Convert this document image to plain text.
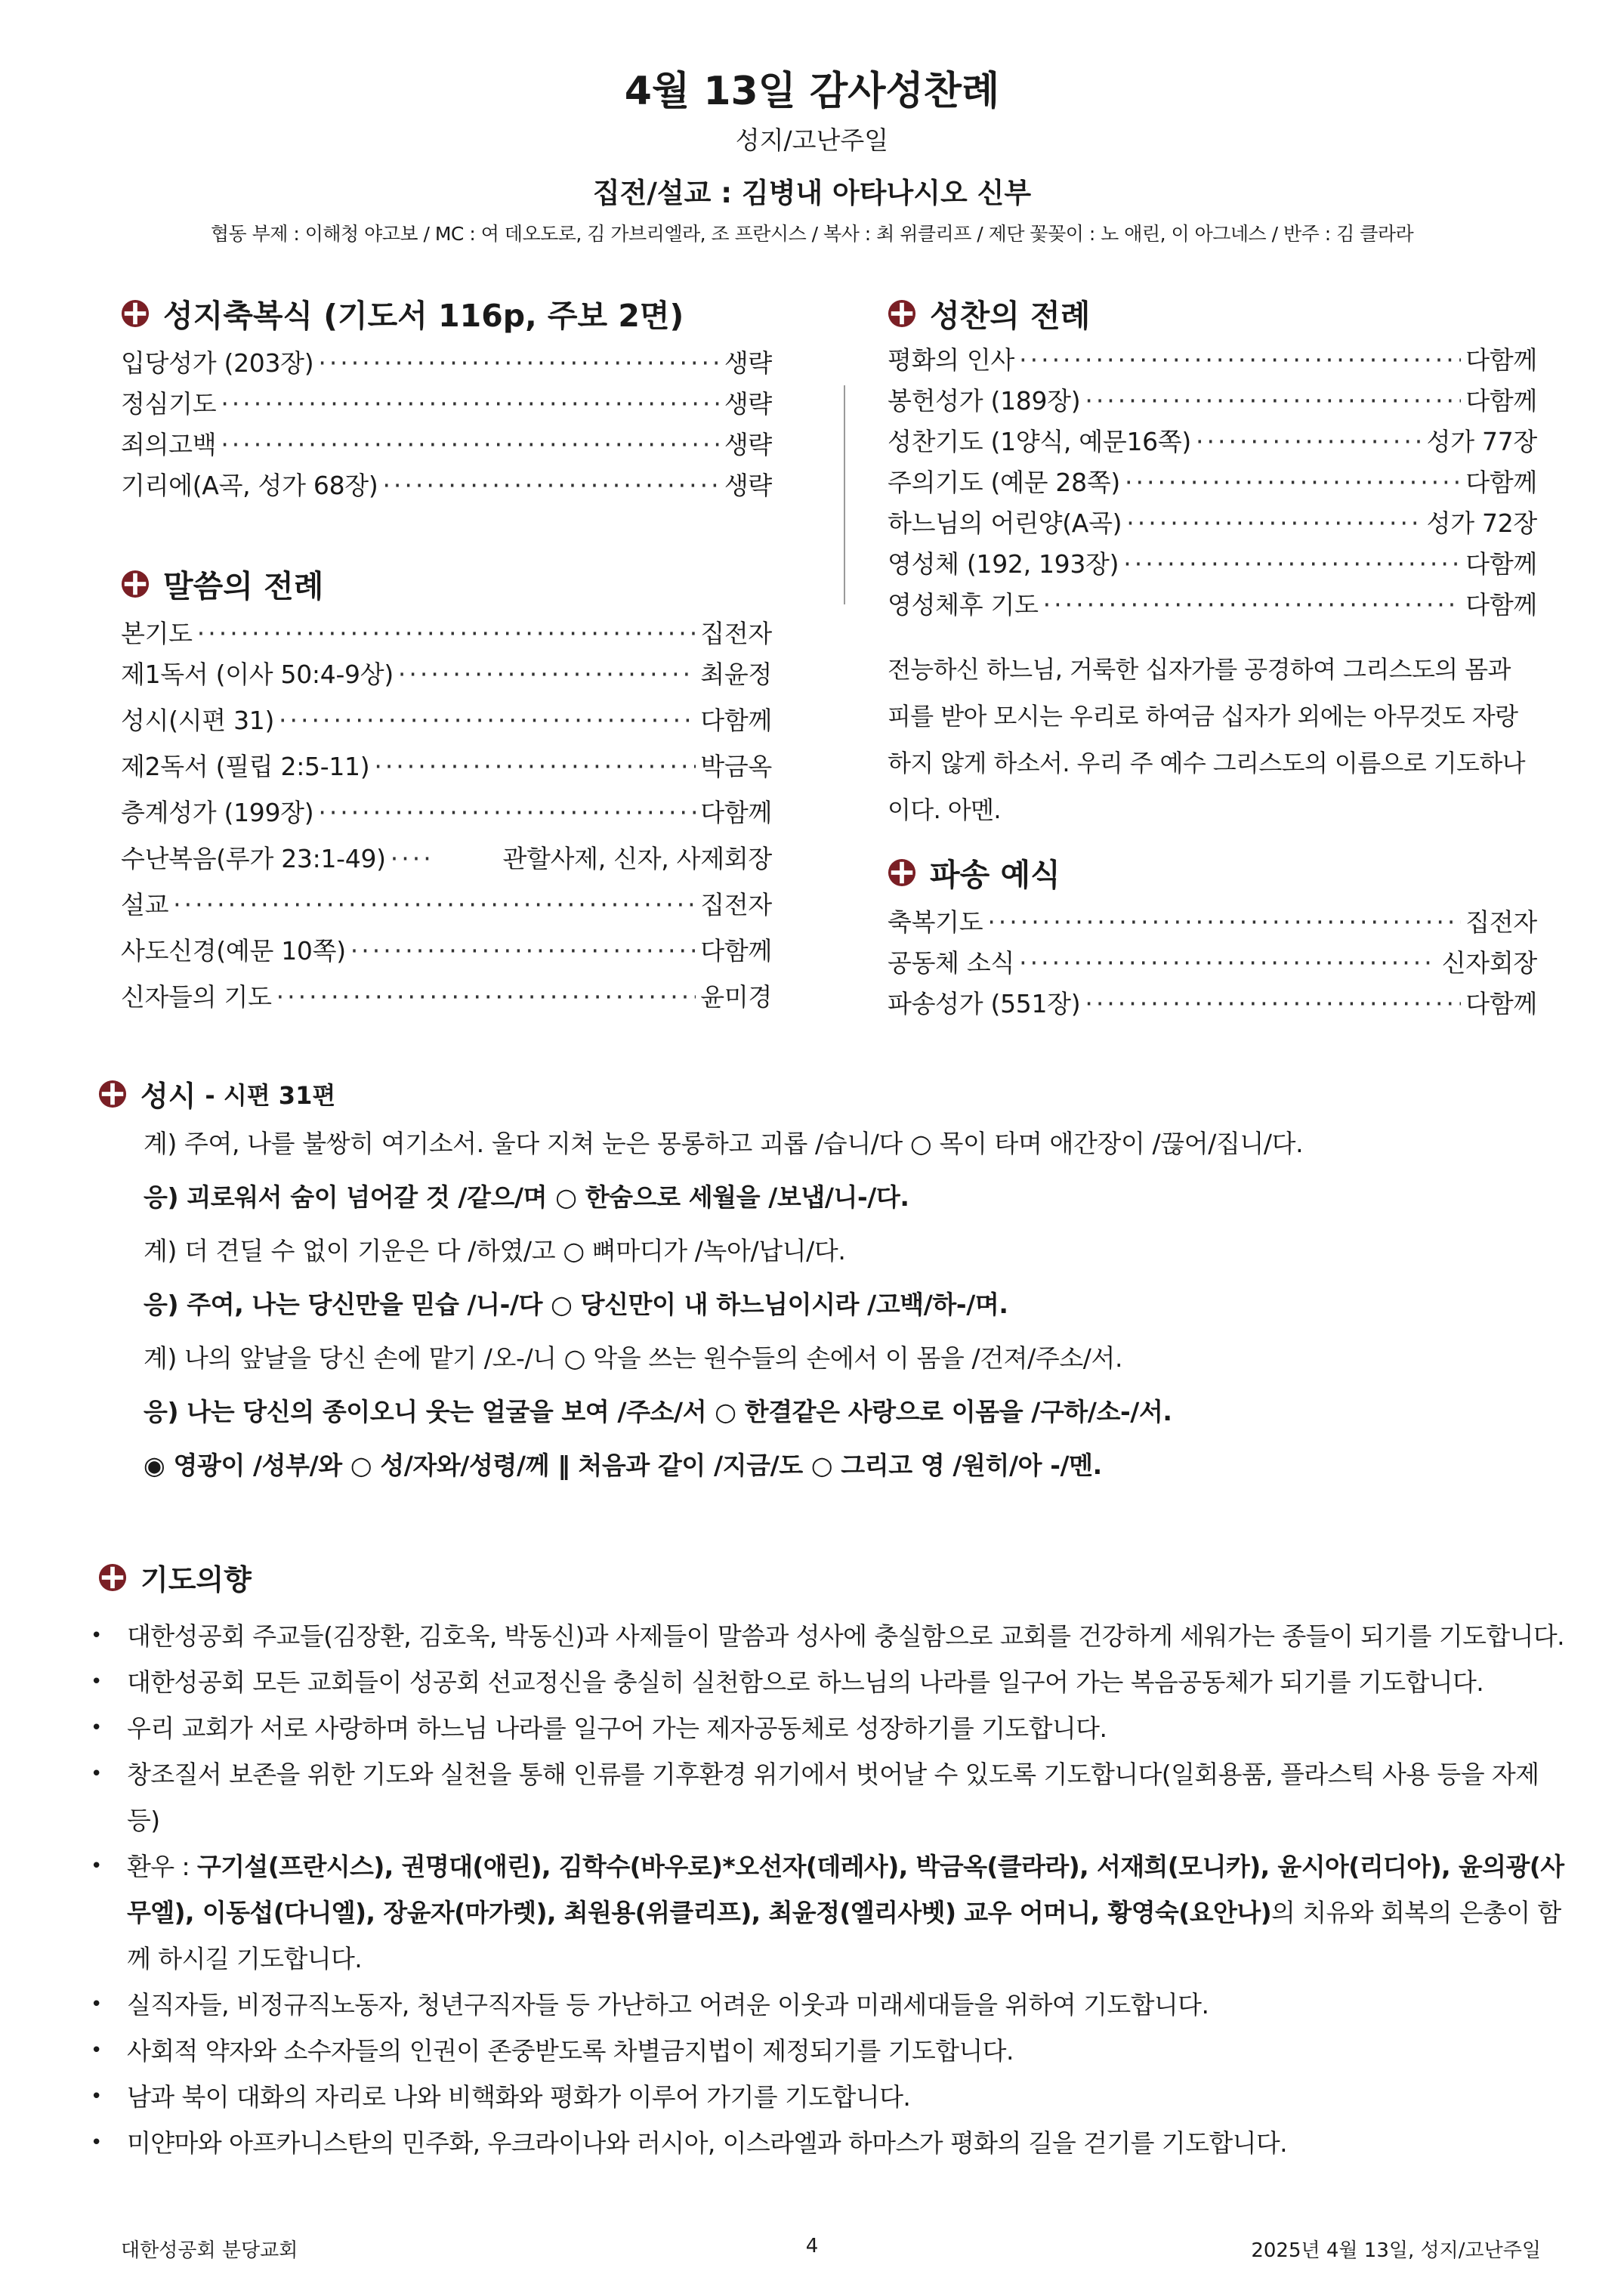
4월 13일 감사성찬례
성지/고난주일
집전/설교 : 김병내 아타나시오 신부
협동 부제 : 이해청 야고보 / MC : 여 데오도로, 김 가브리엘라, 조 프란시스 / 복사 : 최 위클리프 / 제단 꽃꽂이 : 노 애린, 이 아그네스 / 반주 : 김 클라라
성지축복식 (기도서 116p, 주보 2면)
입당성가 (203장) ·····	생략
정심기도 ·····	생략
죄의고백 ·····	생략
기리에(A곡, 성가 68장) ·····	생략
말씀의 전례
본기도 ·····	집전자
제1독서 (이사 50:4-9상) ·····	최윤정
성시(시편 31) ·····	다함께
제2독서 (필립 2:5-11) ·····	박금옥
층계성가 (199장) ·····	다함께
수난복음(루가 23:1-49) ·····	관할사제, 신자, 사제회장
설교 ·····	집전자
사도신경(예문 10쪽) ·····	다함께
신자들의 기도 ·····	윤미경
성찬의 전례
평화의 인사 ·····	다함께
봉헌성가 (189장) ·····	다함께
성찬기도 (1양식, 예문16쪽) ·····	성가 77장
주의기도 (예문 28쪽) ·····	다함께
하느님의 어린양(A곡) ·····	성가 72장
영성체 (192, 193장) ·····	다함께
영성체후 기도 ·····	다함께
전능하신 하느님, 거룩한 십자가를 공경하여 그리스도의 몸과 피를 받아 모시는 우리로 하여금 십자가 외에는 아무것도 자랑하지 않게 하소서. 우리 주 예수 그리스도의 이름으로 기도하나이다. 아멘.
파송 예식
축복기도 ·····	집전자
공동체 소식 ·····	신자회장
파송성가 (551장) ·····	다함께
성시 - 시편 31편
계) 주여, 나를 불쌍히 여기소서. 울다 지쳐 눈은 몽롱하고 괴롭 /습니/다 ○ 목이 타며 애간장이 /끊어/집니/다.
응) 괴로워서 숨이 넘어갈 것 /같으/며 ○ 한숨으로 세월을 /보냅/니-/다.
계) 더 견딜 수 없이 기운은 다 /하였/고 ○ 뼈마디가 /녹아/납니/다.
응) 주여, 나는 당신만을 믿습 /니-/다 ○ 당신만이 내 하느님이시라 /고백/하-/며.
계) 나의 앞날을 당신 손에 맡기 /오-/니 ○ 악을 쓰는 원수들의 손에서 이 몸을 /건져/주소/서.
응) 나는 당신의 종이오니 웃는 얼굴을 보여 /주소/서 ○ 한결같은 사랑으로 이몸을 /구하/소-/서.
◉ 영광이 /성부/와 ○ 성/자와/성령/께 ‖ 처음과 같이 /지금/도 ○ 그리고 영 /원히/아 -/멘.
기도의향
• 대한성공회 주교들(김장환, 김호욱, 박동신)과 사제들이 말씀과 성사에 충실함으로 교회를 건강하게 세워가는 종들이 되기를 기도합니다.
• 대한성공회 모든 교회들이 성공회 선교정신을 충실히 실천함으로 하느님의 나라를 일구어 가는 복음공동체가 되기를 기도합니다.
• 우리 교회가 서로 사랑하며 하느님 나라를 일구어 가는 제자공동체로 성장하기를 기도합니다.
• 창조질서 보존을 위한 기도와 실천을 통해 인류를 기후환경 위기에서 벗어날 수 있도록 기도합니다(일회용품, 플라스틱 사용 등을 자제 등)
• 환우 : 구기설(프란시스), 권명대(애린), 김학수(바우로)*오선자(데레사), 박금옥(클라라), 서재희(모니카), 윤시아(리디아), 윤의광(사무엘), 이동섭(다니엘), 장윤자(마가렛), 최원용(위클리프), 최윤정(엘리사벳) 교우 어머니, 황영숙(요안나)의 치유와 회복의 은총이 함께 하시길 기도합니다.
• 실직자들, 비정규직노동자, 청년구직자들 등 가난하고 어려운 이웃과 미래세대들을 위하여 기도합니다.
• 사회적 약자와 소수자들의 인권이 존중받도록 차별금지법이 제정되기를 기도합니다.
• 남과 북이 대화의 자리로 나와 비핵화와 평화가 이루어 가기를 기도합니다.
• 미얀마와 아프카니스탄의 민주화, 우크라이나와 러시아, 이스라엘과 하마스가 평화의 길을 걷기를 기도합니다.
대한성공회 분당교회	4	2025년 4월 13일, 성지/고난주일
